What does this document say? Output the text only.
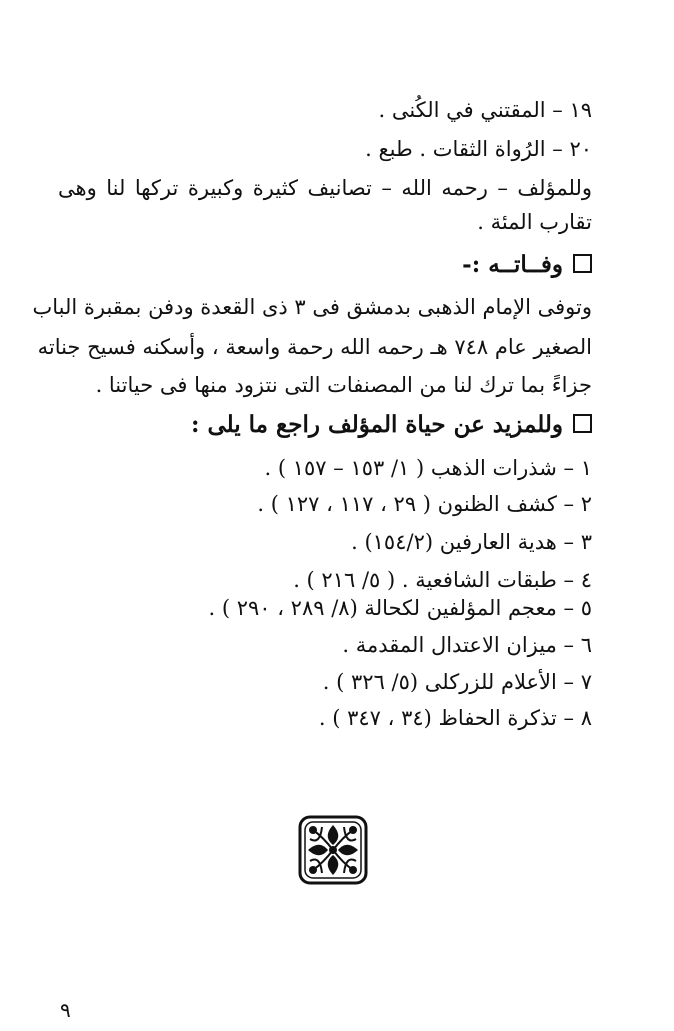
١٩ – المقتني في الكُنى .
٢٠ – الرُواة الثقات . طبع .
وللمؤلف – رحمه الله – تصانيف كثيرة وكبيرة تركها لنا وهى
تقارب المئة .
وفــاتــه :-
وتوفى الإمام الذهبى بدمشق فى ٣ ذى القعدة ودفن بمقبرة الباب
الصغير عام ٧٤٨ هـ رحمه الله رحمة واسعة ، وأسكنه فسيح جناته
جزاءً بما ترك لنا من المصنفات التى نتزود منها فى حياتنا .
وللمزيد عن حياة المؤلف راجع ما يلى :
١ – شذرات الذهب ( ١/ ١٥٣ – ١٥٧ ) .
٢ – كشف الظنون ( ٢٩ ، ١١٧ ، ١٢٧ ) .
٣ – هدية العارفين (١٥٤/٢) .
٤ – طبقات الشافعية . ( ٥/ ٢١٦ ) .
٥ – معجم المؤلفين لكحالة (٨/ ٢٨٩ ، ٢٩٠ ) .
٦ – ميزان الاعتدال المقدمة .
٧ – الأعلام للزركلى (٥/ ٣٢٦ ) .
٨ – تذكرة الحفاظ (٣٤ ، ٣٤٧ ) .
٩
